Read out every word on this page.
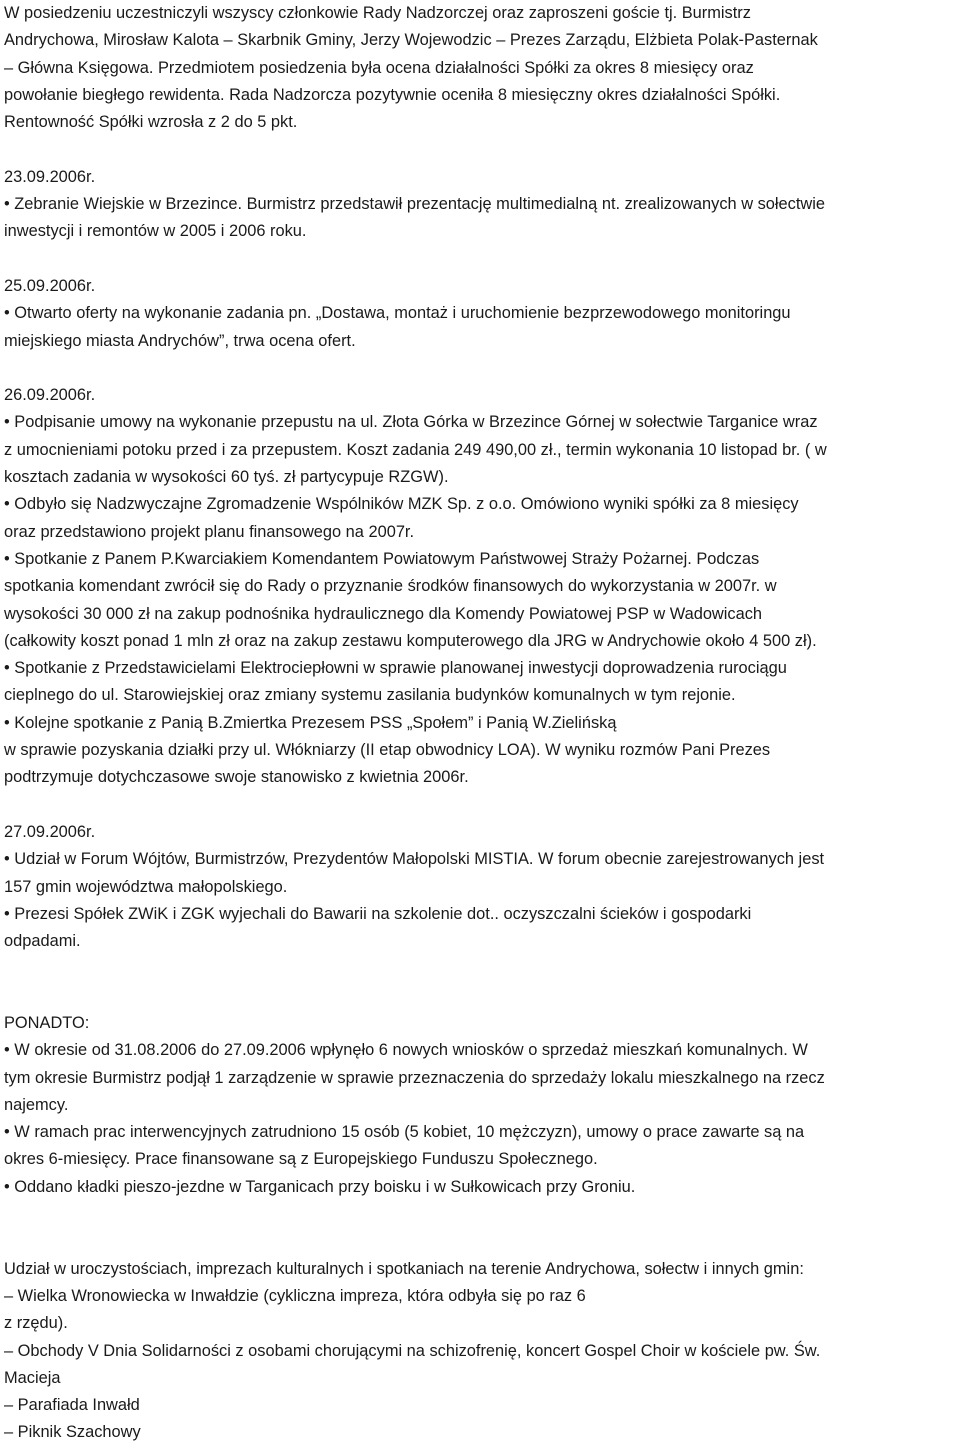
W posiedzeniu uczestniczyli wszyscy członkowie Rady Nadzorczej oraz zaproszeni goście tj. Burmistrz
Andrychowa, Mirosław Kalota – Skarbnik Gminy, Jerzy Wojewodzic – Prezes Zarządu, Elżbieta Polak-Pasternak
– Główna Księgowa. Przedmiotem posiedzenia była ocena działalności Spółki za okres 8 miesięcy oraz
powołanie biegłego rewidenta. Rada Nadzorcza pozytywnie oceniła 8 miesięczny okres działalności Spółki.
Rentowność Spółki wzrosła z 2 do 5 pkt.
23.09.2006r.
• Zebranie Wiejskie w Brzezince. Burmistrz przedstawił prezentację multimedialną nt. zrealizowanych w sołectwie
inwestycji i remontów w 2005 i 2006 roku.
25.09.2006r.
• Otwarto oferty na wykonanie zadania pn. „Dostawa, montaż i uruchomienie bezprzewodowego monitoringu
miejskiego miasta Andrychów”, trwa ocena ofert.
26.09.2006r.
• Podpisanie umowy na wykonanie przepustu na ul. Złota Górka w Brzezince Górnej w sołectwie Targanice wraz
z umocnieniami potoku przed i za przepustem. Koszt zadania 249 490,00 zł., termin wykonania 10 listopad br. ( w
kosztach zadania w wysokości 60 tyś. zł partycypuje RZGW).
• Odbyło się Nadzwyczajne Zgromadzenie Wspólników MZK Sp. z o.o. Omówiono wyniki spółki za 8 miesięcy
oraz przedstawiono projekt planu finansowego na 2007r.
• Spotkanie z Panem P.Kwarciakiem Komendantem Powiatowym Państwowej Straży Pożarnej. Podczas
spotkania komendant zwrócił się do Rady o przyznanie środków finansowych do wykorzystania w 2007r. w
wysokości 30 000 zł na zakup podnośnika hydraulicznego dla Komendy Powiatowej PSP w Wadowicach
(całkowity koszt ponad 1 mln zł oraz na zakup zestawu komputerowego dla JRG w Andrychowie około 4 500 zł).
• Spotkanie z Przedstawicielami Elektrociepłowni w sprawie planowanej inwestycji doprowadzenia rurociągu
cieplnego do ul. Starowiejskiej oraz zmiany systemu zasilania budynków komunalnych w tym rejonie.
• Kolejne spotkanie z Panią B.Zmiertka Prezesem PSS „Społem” i Panią W.Zielińską
w sprawie pozyskania działki przy ul. Włókniarzy (II etap obwodnicy LOA). W wyniku rozmów Pani Prezes
podtrzymuje dotychczasowe swoje stanowisko z kwietnia 2006r.
27.09.2006r.
• Udział w Forum Wójtów, Burmistrzów, Prezydentów Małopolski MISTIA. W forum obecnie zarejestrowanych jest
157 gmin województwa małopolskiego.
• Prezesi Spółek ZWiK i ZGK wyjechali do Bawarii na szkolenie dot.. oczyszczalni ścieków i gospodarki
odpadami.
PONADTO:
• W okresie od 31.08.2006 do 27.09.2006 wpłynęło 6 nowych wniosków o sprzedaż mieszkań komunalnych. W
tym okresie Burmistrz podjął 1 zarządzenie w sprawie przeznaczenia do sprzedaży lokalu mieszkalnego na rzecz
najemcy.
• W ramach prac interwencyjnych zatrudniono 15 osób (5 kobiet, 10 mężczyzn), umowy o prace zawarte są na
okres 6-miesięcy. Prace finansowane są z Europejskiego Funduszu Społecznego.
• Oddano kładki pieszo-jezdne w Targanicach przy boisku i w Sułkowicach przy Groniu.
Udział w uroczystościach, imprezach kulturalnych i spotkaniach na terenie Andrychowa, sołectw i innych gmin:
– Wielka Wronowiecka w Inwałdzie (cykliczna impreza, która odbyła się po raz 6
z rzędu).
– Obchody V Dnia Solidarności z osobami chorującymi na schizofrenię, koncert Gospel Choir w kościele pw. Św.
Macieja
– Parafiada Inwałd
– Piknik Szachowy
